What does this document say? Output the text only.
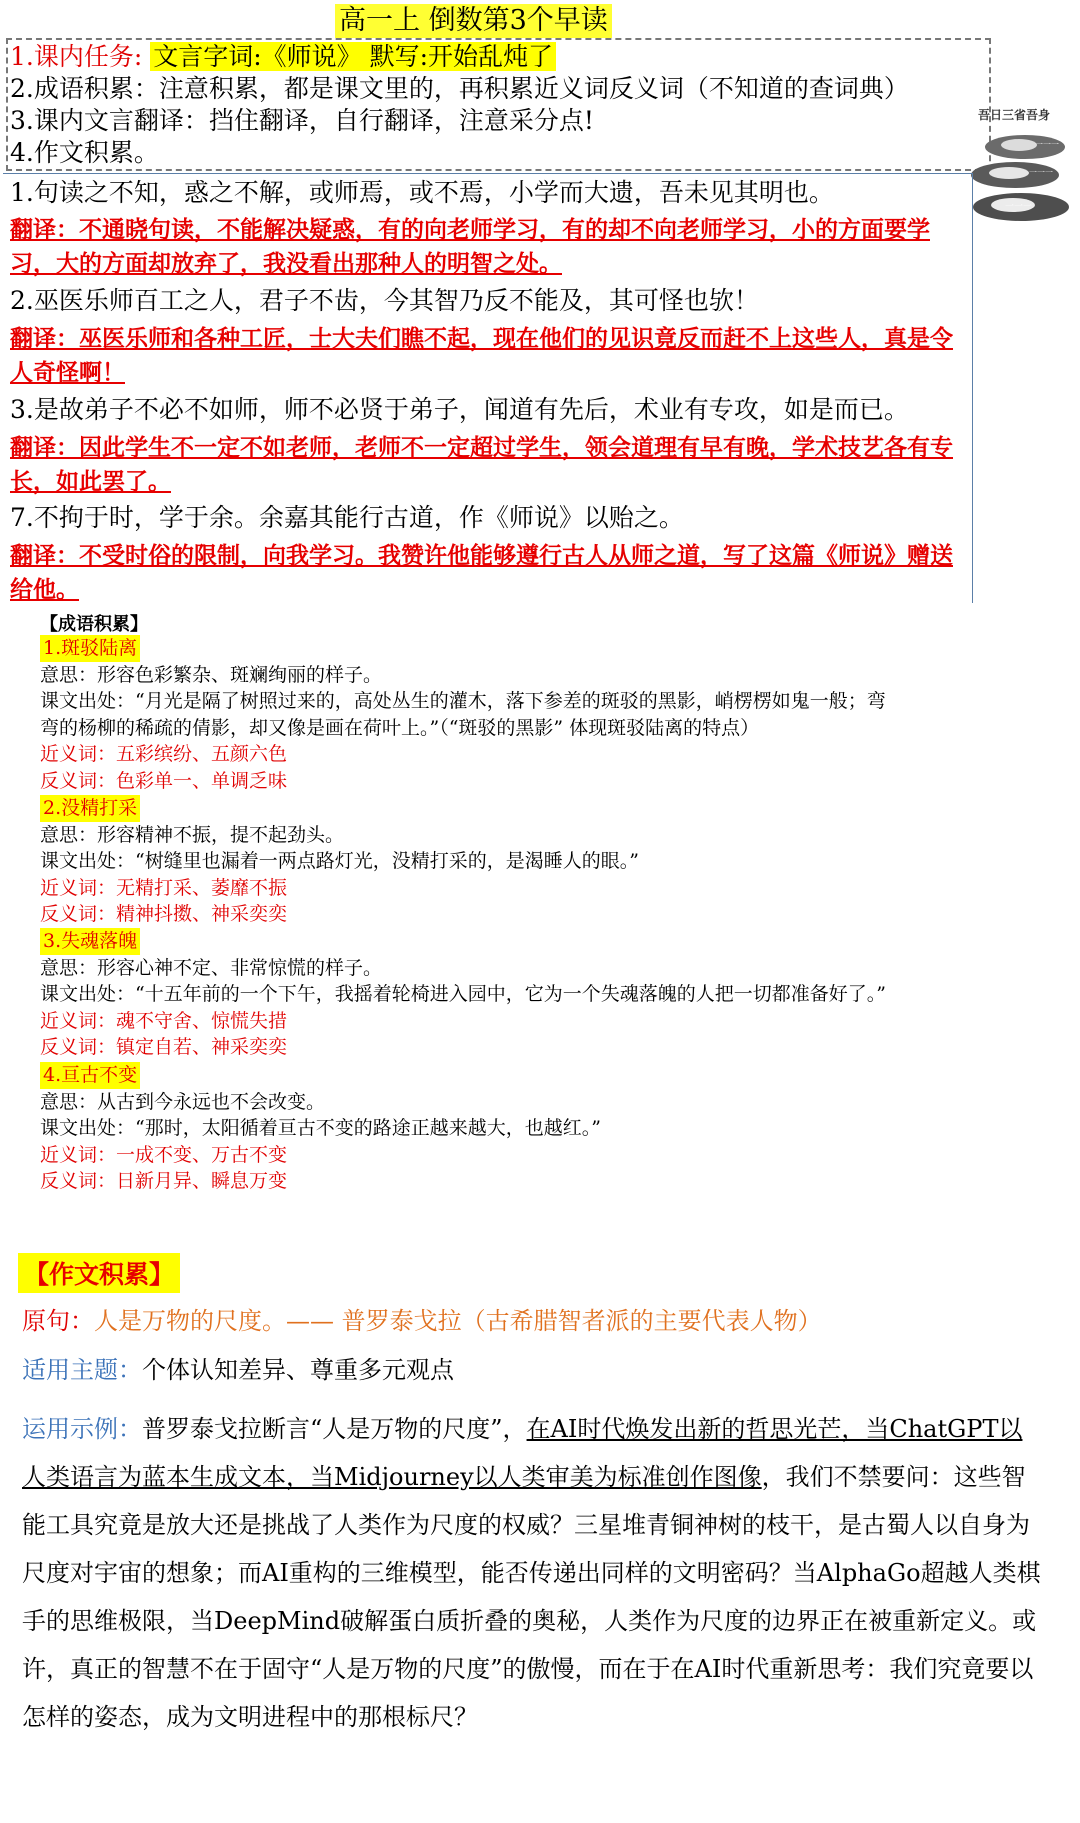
高一上 倒数第3个早读
1.课内任务: 文言字词:《师说》 默写:开始乱炖了
2.成语积累：注意积累，都是课文里的，再积累近义词反义词（不知道的查词典）
3.课内文言翻译：挡住翻译，自行翻译，注意采分点!
4.作文积累。
吾日三省吾身
一一一
一一一
一一一
1.句读之不知，惑之不解，或师焉，或不焉，小学而大遗，吾未见其明也。
翻译：不通晓句读，不能解决疑惑，有的向老师学习，有的却不向老师学习，小的方面要学习，大的方面却放弃了，我没看出那种人的明智之处。
2.巫医乐师百工之人，君子不齿，今其智乃反不能及，其可怪也欤！
翻译：巫医乐师和各种工匠，士大夫们瞧不起，现在他们的见识竟反而赶不上这些人，真是令人奇怪啊！
3.是故弟子不必不如师，师不必贤于弟子，闻道有先后，术业有专攻，如是而已。
翻译：因此学生不一定不如老师，老师不一定超过学生，领会道理有早有晚，学术技艺各有专长，如此罢了。
7.不拘于时，学于余。余嘉其能行古道，作《师说》以贻之。
翻译：不受时俗的限制，向我学习。我赞许他能够遵行古人从师之道，写了这篇《师说》赠送给他。
【成语积累】
1.斑驳陆离
意思：形容色彩繁杂、斑斓绚丽的样子。
课文出处：“月光是隔了树照过来的，高处丛生的灌木，落下参差的斑驳的黑影，峭楞楞如鬼一般；弯
弯的杨柳的稀疏的倩影，却又像是画在荷叶上。”（“斑驳的黑影” 体现斑驳陆离的特点）
近义词：五彩缤纷、五颜六色
反义词：色彩单一、单调乏味
2.没精打采
意思：形容精神不振，提不起劲头。
课文出处：“树缝里也漏着一两点路灯光，没精打采的，是渴睡人的眼。”
近义词：无精打采、萎靡不振
反义词：精神抖擞、神采奕奕
3.失魂落魄
意思：形容心神不定、非常惊慌的样子。
课文出处：“十五年前的一个下午，我摇着轮椅进入园中，它为一个失魂落魄的人把一切都准备好了。”
近义词：魂不守舍、惊慌失措
反义词：镇定自若、神采奕奕
4.亘古不变
意思：从古到今永远也不会改变。
课文出处：“那时，太阳循着亘古不变的路途正越来越大，也越红。”
近义词：一成不变、万古不变
反义词：日新月异、瞬息万变
【作文积累】
原句：人是万物的尺度。—— 普罗泰戈拉（古希腊智者派的主要代表人物）
适用主题：个体认知差异、尊重多元观点
运用示例：普罗泰戈拉断言“人是万物的尺度”，在AI时代焕发出新的哲思光芒，当ChatGPT以人类语言为蓝本生成文本，当Midjourney以人类审美为标准创作图像，我们不禁要问：这些智能工具究竟是放大还是挑战了人类作为尺度的权威？三星堆青铜神树的枝干，是古蜀人以自身为尺度对宇宙的想象；而AI重构的三维模型，能否传递出同样的文明密码？当AlphaGo超越人类棋手的思维极限，当DeepMind破解蛋白质折叠的奥秘，人类作为尺度的边界正在被重新定义。或许，真正的智慧不在于固守“人是万物的尺度”的傲慢，而在于在AI时代重新思考：我们究竟要以怎样的姿态，成为文明进程中的那根标尺？
